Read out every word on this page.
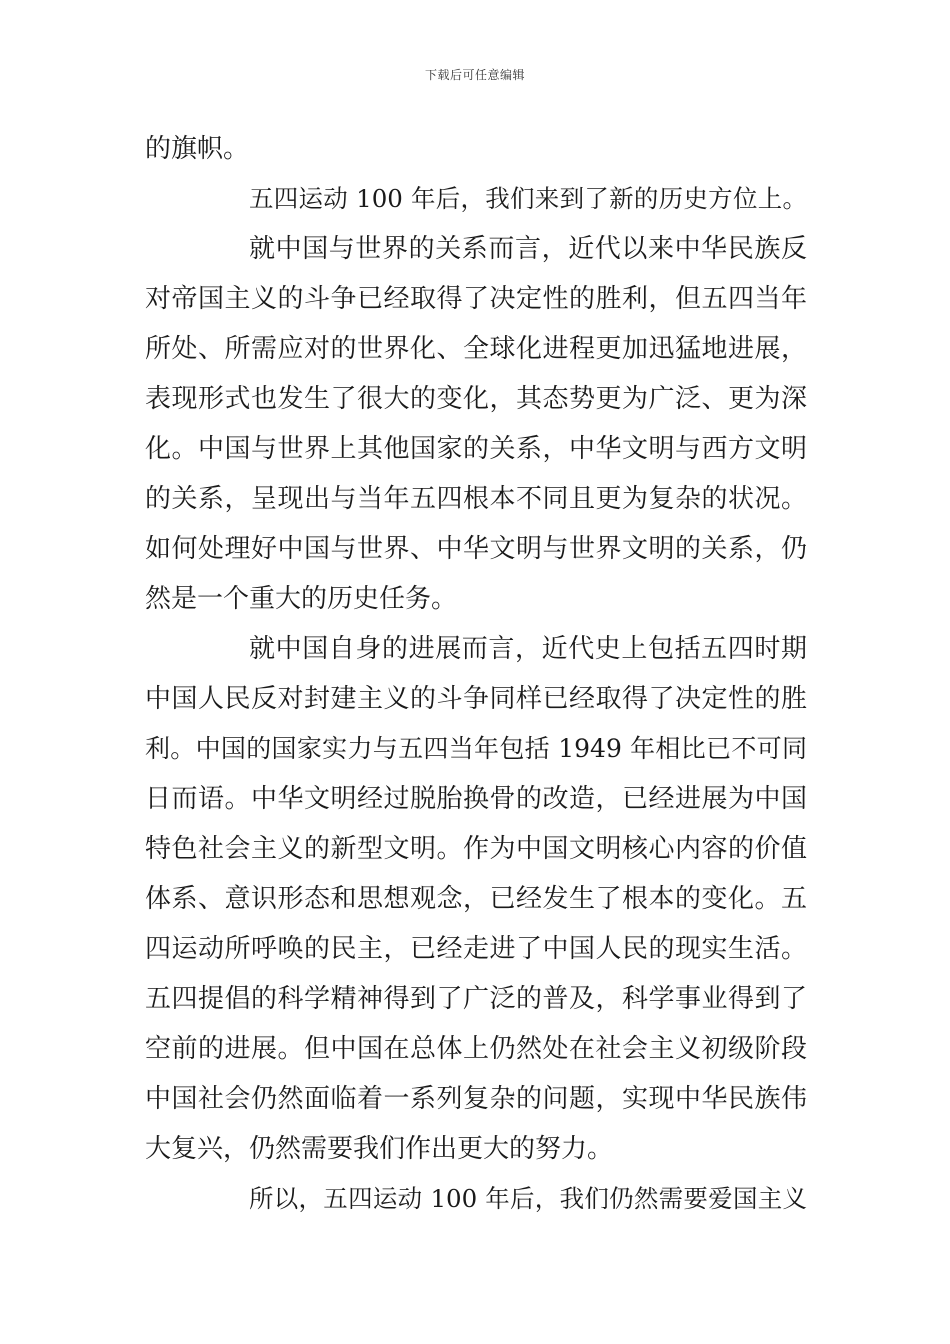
下载后可任意编辑
的旗帜。
五四运动 100 年后，我们来到了新的历史方位上。
就中国与世界的关系而言，近代以来中华民族反
对帝国主义的斗争已经取得了决定性的胜利，但五四当年
所处、所需应对的世界化、全球化进程更加迅猛地进展，
表现形式也发生了很大的变化，其态势更为广泛、更为深
化。中国与世界上其他国家的关系，中华文明与西方文明
的关系，呈现出与当年五四根本不同且更为复杂的状况。
如何处理好中国与世界、中华文明与世界文明的关系，仍
然是一个重大的历史任务。
就中国自身的进展而言，近代史上包括五四时期
中国人民反对封建主义的斗争同样已经取得了决定性的胜
利。中国的国家实力与五四当年包括 1949 年相比已不可同
日而语。中华文明经过脱胎换骨的改造，已经进展为中国
特色社会主义的新型文明。作为中国文明核心内容的价值
体系、意识形态和思想观念，已经发生了根本的变化。五
四运动所呼唤的民主，已经走进了中国人民的现实生活。
五四提倡的科学精神得到了广泛的普及，科学事业得到了
空前的进展。但中国在总体上仍然处在社会主义初级阶段
中国社会仍然面临着一系列复杂的问题，实现中华民族伟
大复兴，仍然需要我们作出更大的努力。
所以，五四运动 100 年后，我们仍然需要爱国主义
